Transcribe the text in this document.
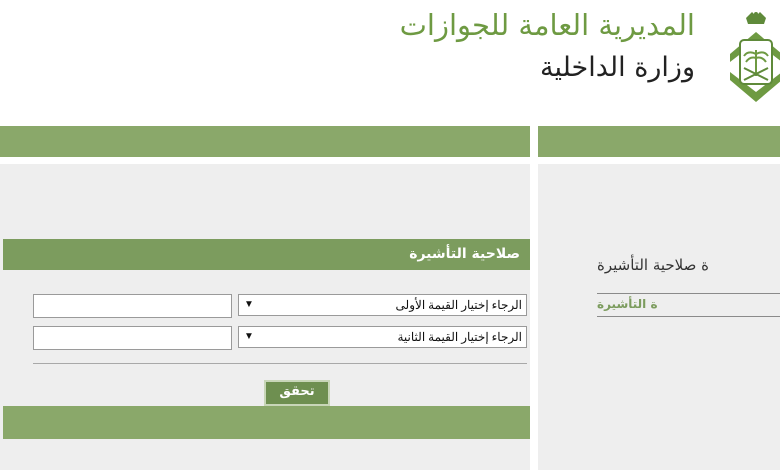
المديرية العامة للجوازات
وزارة الداخلية
صلاحية التأشيرة
الرجاء إختيار القيمة الأولى
▼
الرجاء إختيار القيمة الثانية
▼
تحقق
ة صلاحية التأشيرة
ة التأشيرة
